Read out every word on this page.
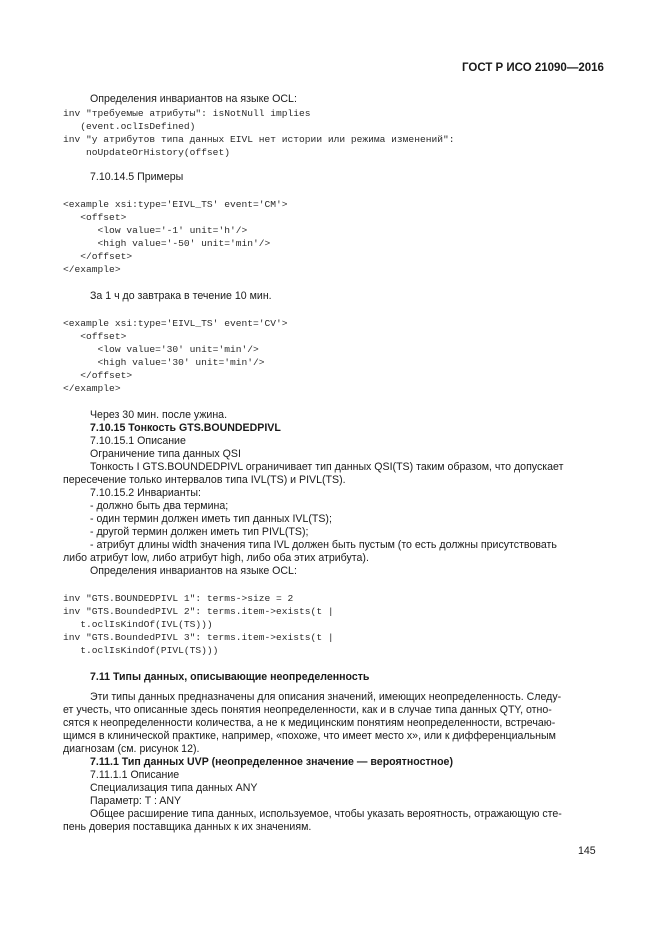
ГОСТ Р ИСО 21090—2016
Определения инвариантов на языке OCL:
inv "требуемые атрибуты": isNotNull implies
(event.oclIsDefined)
inv "у атрибутов типа данных EIVL нет истории или режима изменений":
noUpdateOrHistory(offset)
7.10.14.5 Примеры
<example xsi:type='EIVL_TS' event='CM'>
<offset>
<low value='-1' unit='h'/>
<high value='-50' unit='min'/>
</offset>
</example>
За 1 ч до завтрака в течение 10 мин.
<example xsi:type='EIVL_TS' event='CV'>
<offset>
<low value='30' unit='min'/>
<high value='30' unit='min'/>
</offset>
</example>
Через 30 мин. после ужина.
7.10.15 Тонкость GTS.BOUNDEDPIVL
7.10.15.1 Описание
Ограничение типа данных QSI
Тонкость I GTS.BOUNDEDPIVL ограничивает тип данных QSI(TS) таким образом, что допускает
пересечение только интервалов типа IVL(TS) и PIVL(TS).
7.10.15.2 Инварианты:
- должно быть два термина;
- один термин должен иметь тип данных IVL(TS);
- другой термин должен иметь тип PIVL(TS);
- атрибут длины width значения типа IVL должен быть пустым (то есть должны присутствовать
либо атрибут low, либо атрибут high, либо оба этих атрибута).
Определения инвариантов на языке OCL:
inv "GTS.BOUNDEDPIVL 1": terms->size = 2
inv "GTS.BoundedPIVL 2": terms.item->exists(t |
t.oclIsKindOf(IVL(TS)))
inv "GTS.BoundedPIVL 3": terms.item->exists(t |
t.oclIsKindOf(PIVL(TS)))
7.11 Типы данных, описывающие неопределенность
Эти типы данных предназначены для описания значений, имеющих неопределенность. Следу-
ет учесть, что описанные здесь понятия неопределенности, как и в случае типа данных QTY, отно-
сятся к неопределенности количества, а не к медицинским понятиям неопределенности, встречаю-
щимся в клинической практике, например, «похоже, что имеет место x», или к дифференциальным
диагнозам (см. рисунок 12).
7.11.1 Тип данных UVP (неопределенное значение — вероятностное)
7.11.1.1 Описание
Специализация типа данных ANY
Параметр: T : ANY
Общее расширение типа данных, используемое, чтобы указать вероятность, отражающую сте-
пень доверия поставщика данных к их значениям.
145
